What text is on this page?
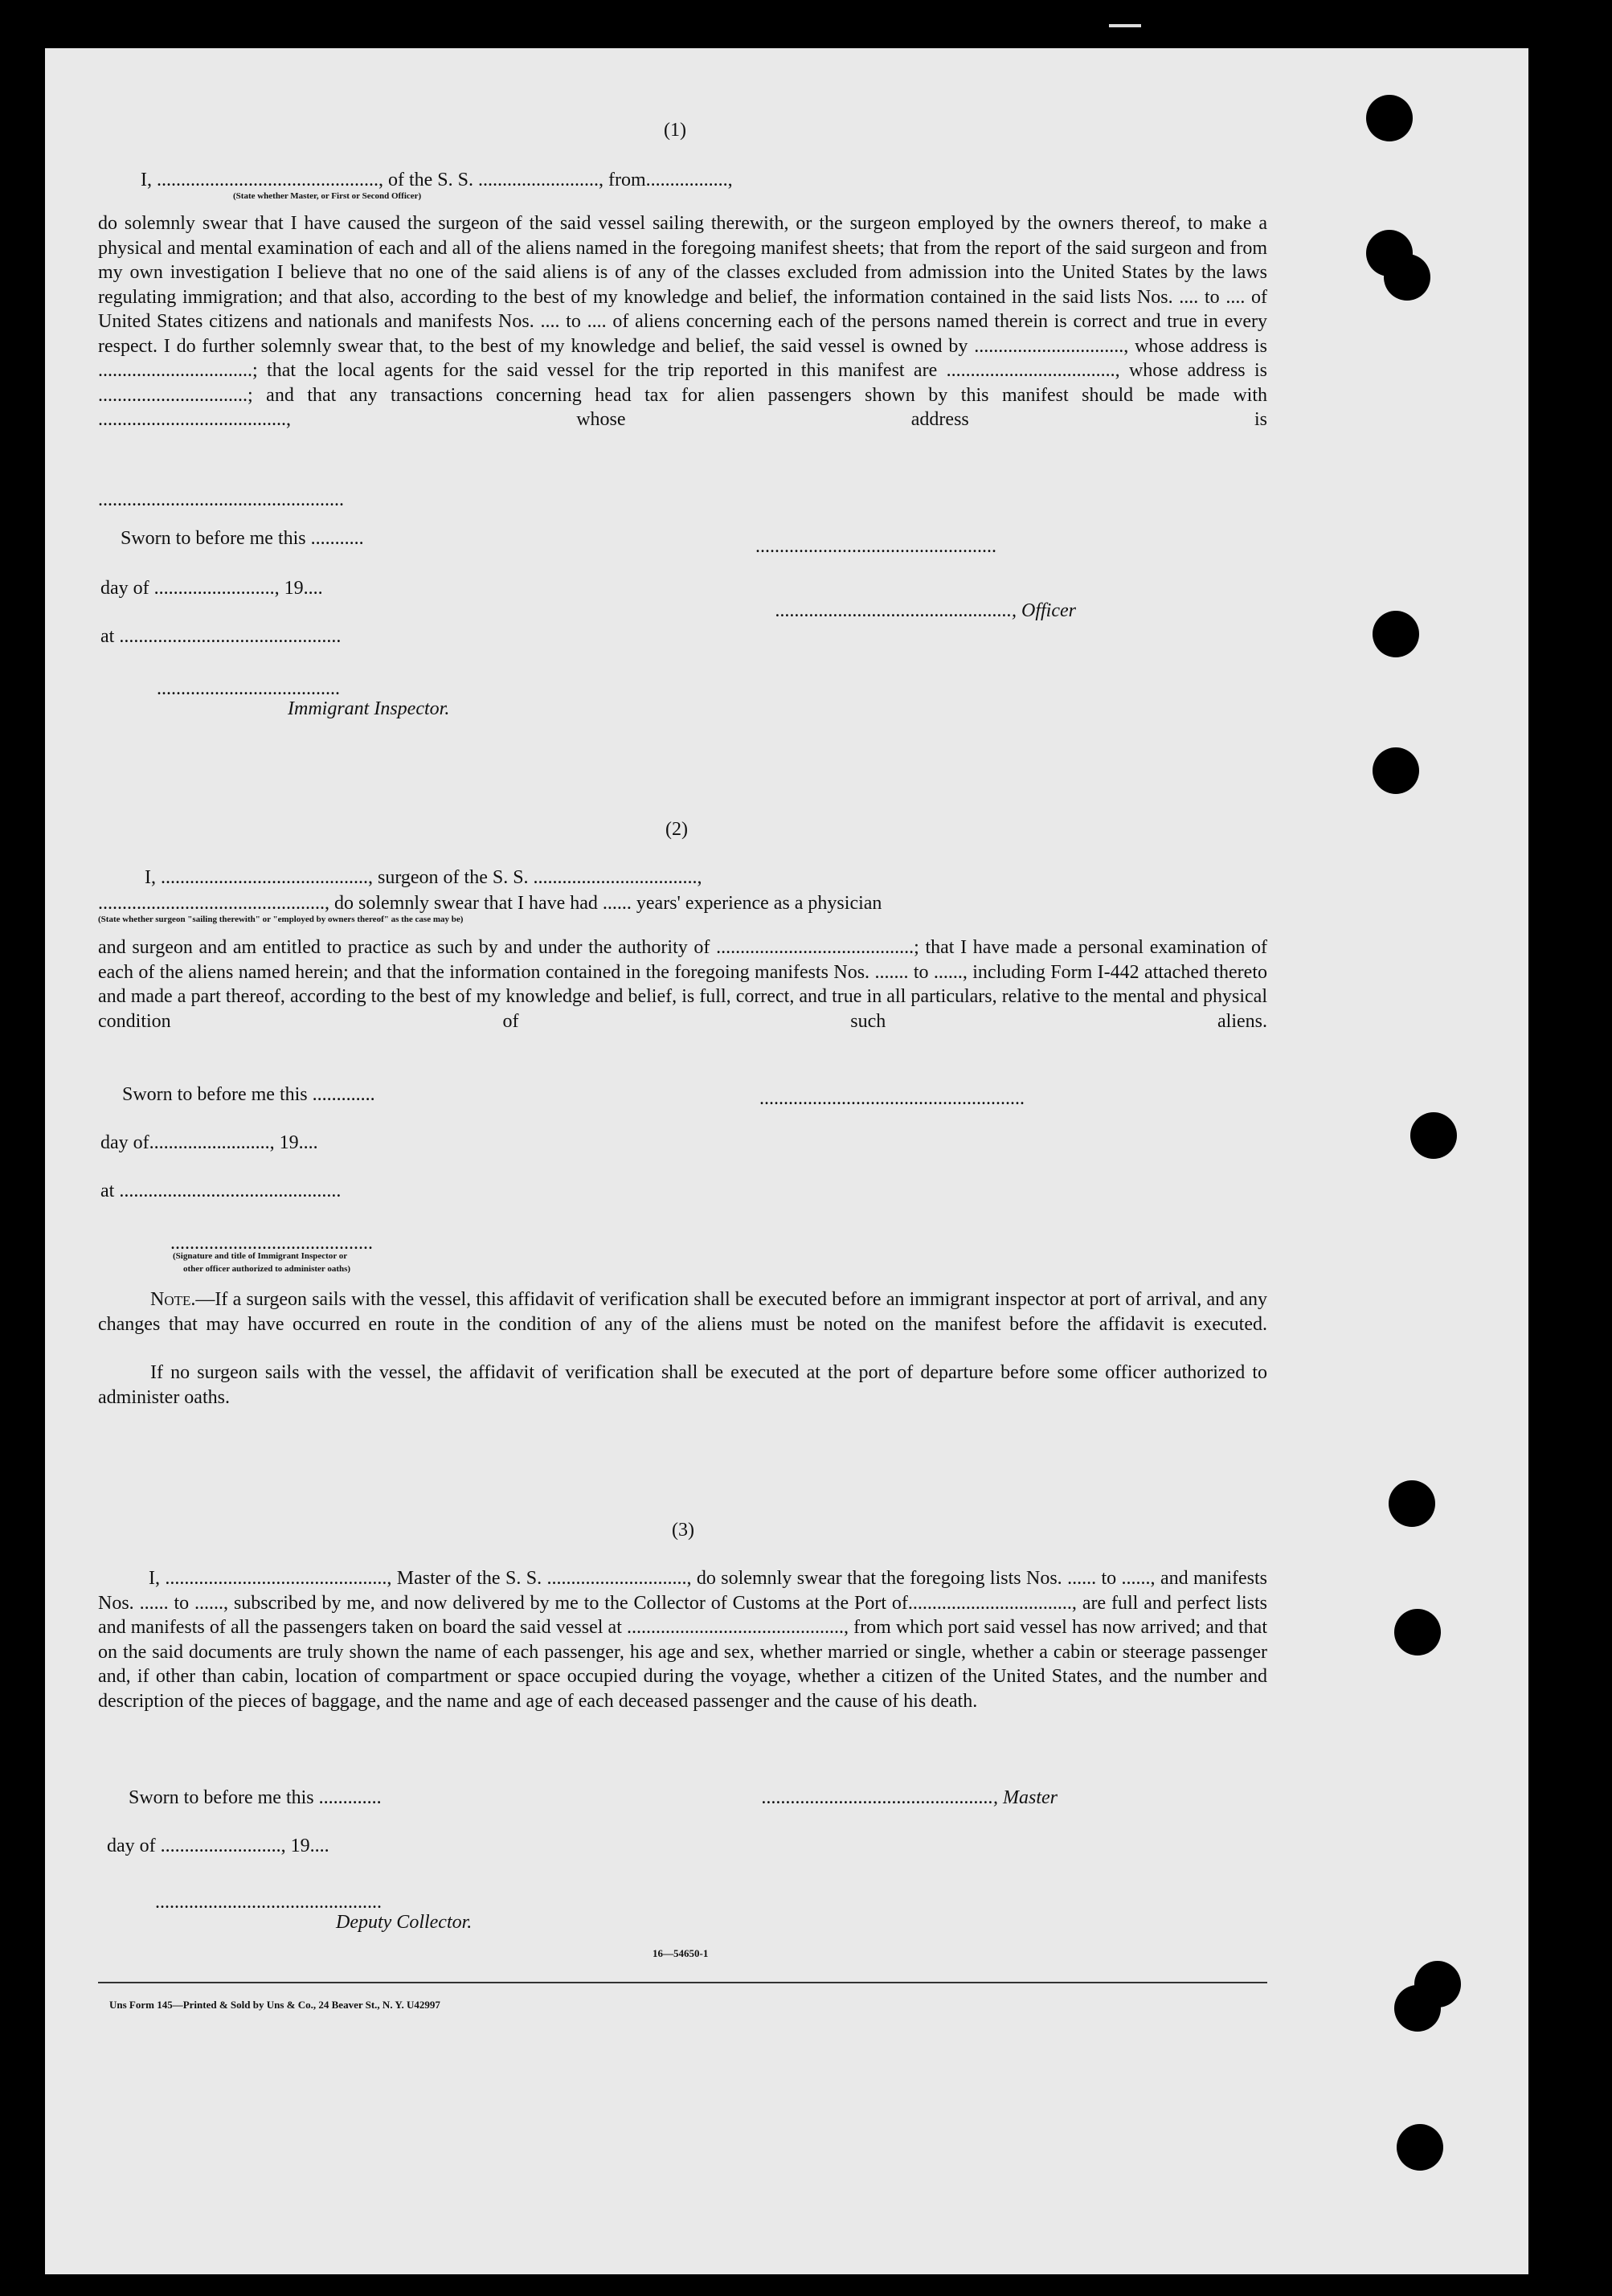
(1)
I, .............................................., of the S. S. ........................., from.................,
(State whether Master, or First or Second Officer)
do solemnly swear that I have caused the surgeon of the said vessel sailing therewith, or the surgeon employed by the owners thereof, to make a physical and mental examination of each and all of the aliens named in the foregoing manifest sheets; that from the report of the said surgeon and from my own investigation I believe that no one of the said aliens is of any of the classes excluded from admission into the United States by the laws regulating immigration; and that also, according to the best of my knowledge and belief, the information contained in the said lists Nos. .... to .... of United States citizens and nationals and manifests Nos. .... to .... of aliens concerning each of the persons named therein is correct and true in every respect. I do further solemnly swear that, to the best of my knowledge and belief, the said vessel is owned by ..............................., whose address is ................................; that the local agents for the said vessel for the trip reported in this manifest are ..................................., whose address is ...............................; and that any transactions concerning head tax for alien passengers shown by this manifest should be made with ......................................., whose address is
...................................................
Sworn to before me this ...........	..................................................
day of ........................., 19....
................................................., Officer
at ..............................................
......................................
Immigrant Inspector.
(2)
I, ..........................................., surgeon of the S. S. ..................................,
..............................................., do solemnly swear that I have had ...... years' experience as a physician
(State whether surgeon "sailing therewith" or "employed by owners thereof" as the case may be)
and surgeon and am entitled to practice as such by and under the authority of .........................................; that I have made a personal examination of each of the aliens named herein; and that the information contained in the foregoing manifests Nos. ....... to ......, including Form I-442 attached thereto and made a part thereof, according to the best of my knowledge and belief, is full, correct, and true in all particulars, relative to the mental and physical condition of such aliens.
Sworn to before me this .............	.......................................................
day of........................., 19....
at ..............................................
..........................................
(Signature and title of Immigrant Inspector or
other officer authorized to administer oaths)
Note.—If a surgeon sails with the vessel, this affidavit of verification shall be executed before an immigrant inspector at port of arrival, and any changes that may have occurred en route in the condition of any of the aliens must be noted on the manifest before the affidavit is executed.
If no surgeon sails with the vessel, the affidavit of verification shall be executed at the port of departure before some officer authorized to administer oaths.
(3)
I, .............................................., Master of the S. S. ............................., do solemnly swear that the foregoing lists Nos. ...... to ......, and manifests Nos. ...... to ......, subscribed by me, and now delivered by me to the Collector of Customs at the Port of.................................., are full and perfect lists and manifests of all the passengers taken on board the said vessel at ............................................., from which port said vessel has now arrived; and that on the said documents are truly shown the name of each passenger, his age and sex, whether married or single, whether a cabin or steerage passenger and, if other than cabin, location of compartment or space occupied during the voyage, whether a citizen of the United States, and the number and description of the pieces of baggage, and the name and age of each deceased passenger and the cause of his death.
Sworn to before me this .............	................................................, Master
day of ........................., 19....
...............................................
Deputy Collector.
16—54650-1
Uns Form 145—Printed & Sold by Uns & Co., 24 Beaver St., N. Y. U42997
